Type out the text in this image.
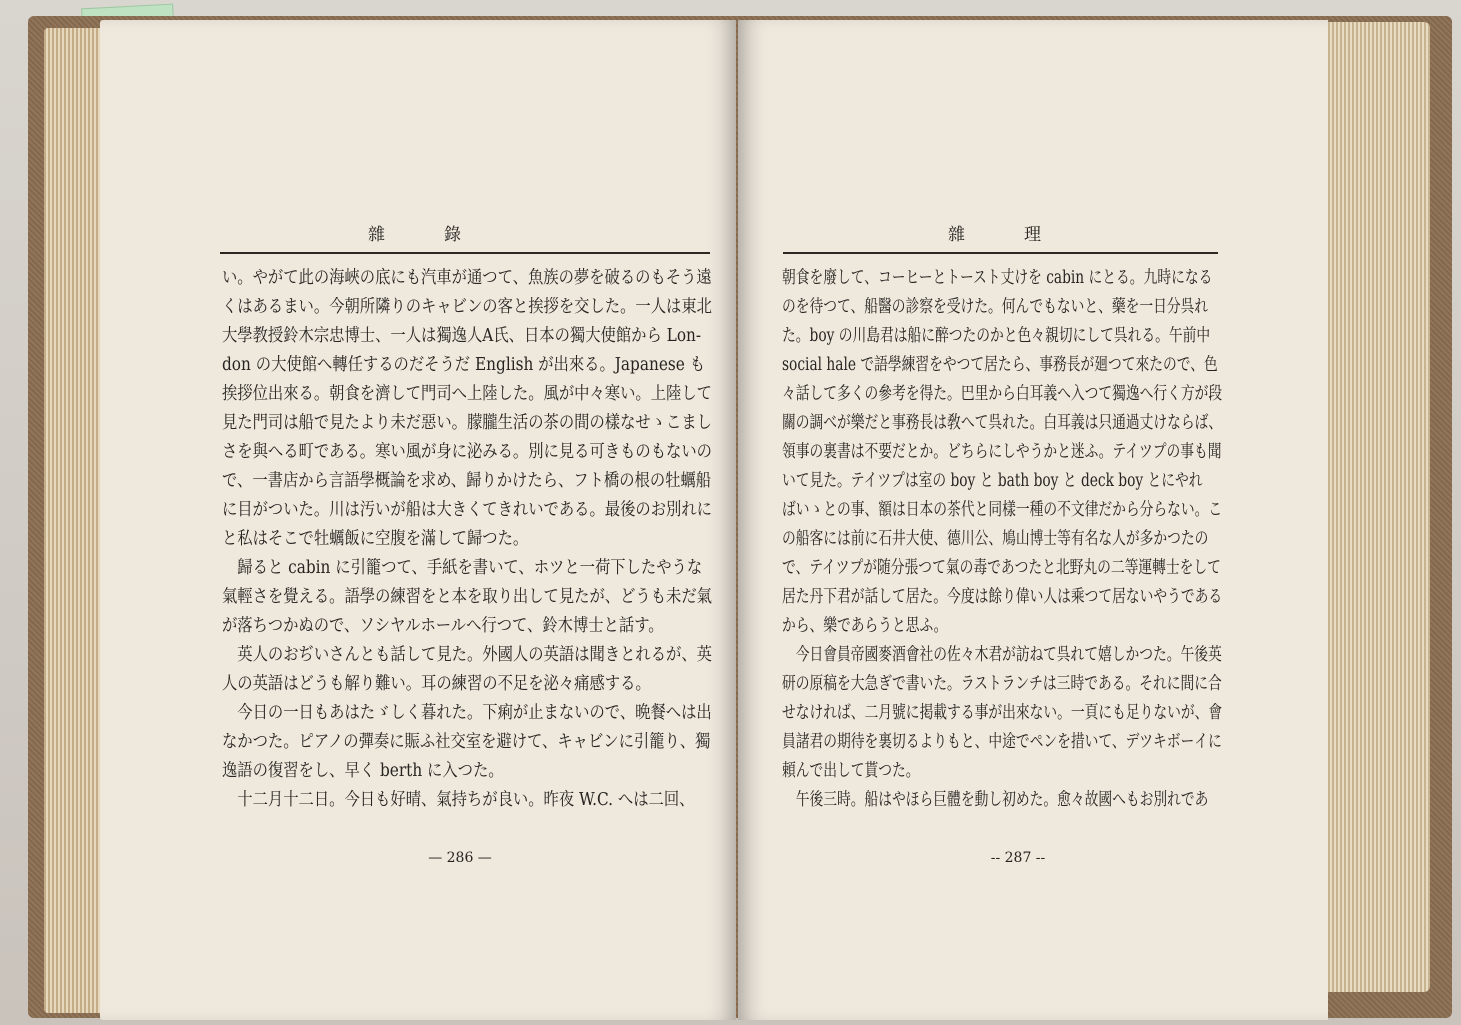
雜　　　錄

い。やがて此の海峽の底にも汽車が通つて、魚族の夢を破るのもそう遠

くはあるまい。今朝所隣りのキャビンの客と挨拶を交した。一人は東北

大學教授鈴木宗忠博士、一人は獨逸人A氏、日本の獨大使館から Lon-

don の大使館へ轉任するのだそうだ English が出來る。Japanese も

挨拶位出來る。朝食を濟して門司へ上陸した。風が中々寒い。上陸して

見た門司は船で見たより未だ惡い。朦朧生活の茶の間の樣なせゝこまし

さを與へる町である。寒い風が身に泌みる。別に見る可きものもないの

で、一書店から言語學概論を求め、歸りかけたら、フト橋の根の牡蠣船

に目がついた。川は汚いが船は大きくてきれいである。最後のお別れに

と私はそこで牡蠣飯に空腹を滿して歸つた。

　歸ると cabin に引籠つて、手紙を書いて、ホツと一荷下したやうな

氣輕さを覺える。語學の練習をと本を取り出して見たが、どうも未だ氣

が落ちつかぬので、ソシヤルホールへ行つて、鈴木博士と話す。

　英人のおぢいさんとも話して見た。外國人の英語は聞きとれるが、英

人の英語はどうも解り難い。耳の練習の不足を泌々痛感する。

　今日の一日もあはたゞしく暮れた。下痢が止まないので、晩餐へは出

なかつた。ピアノの彈奏に賑ふ社交室を避けて、キャビンに引籠り、獨

逸語の復習をし、早く berth に入つた。

　十二月十二日。今日も好晴、氣持ちが良い。昨夜 W.C. へは二回、

— 286 —
雜　　　理

朝食を廢して、コーヒーとトースト丈けを cabin にとる。九時になる

のを待つて、船醫の診察を受けた。何んでもないと、藥を一日分呉れ

た。boy の川島君は船に醉つたのかと色々親切にして呉れる。午前中

social hale で語學練習をやつて居たら、事務長が廻つて來たので、色

々話して多くの參考を得た。巴里から白耳義へ入つて獨逸へ行く方が段

關の調べが樂だと事務長は敎へて呉れた。白耳義は只通過丈けならば、

領事の裏書は不要だとか。どちらにしやうかと迷ふ。テイツプの事も聞

いて見た。テイツプは室の boy と bath boy と deck boy とにやれ

ばいゝとの事、額は日本の茶代と同樣一種の不文律だから分らない。こ

の船客には前に石井大使、德川公、鳩山博士等有名な人が多かつたの

で、テイツプが随分張つて氣の毒であつたと北野丸の二等運轉士をして

居た丹下君が話して居た。今度は餘り偉い人は乘つて居ないやうである

から、樂であらうと思ふ。

　今日會員帝國麥酒會社の佐々木君が訪ねて呉れて嬉しかつた。午後英

研の原稿を大急ぎで書いた。ラストランチは三時である。それに間に合

せなければ、二月號に掲載する事が出來ない。一頁にも足りないが、會

員諸君の期待を裏切るよりもと、中途でペンを措いて、デツキボーイに

頼んで出して貰つた。

　午後三時。船はやほら巨體を動し初めた。愈々故國へもお別れであ

-- 287 --
